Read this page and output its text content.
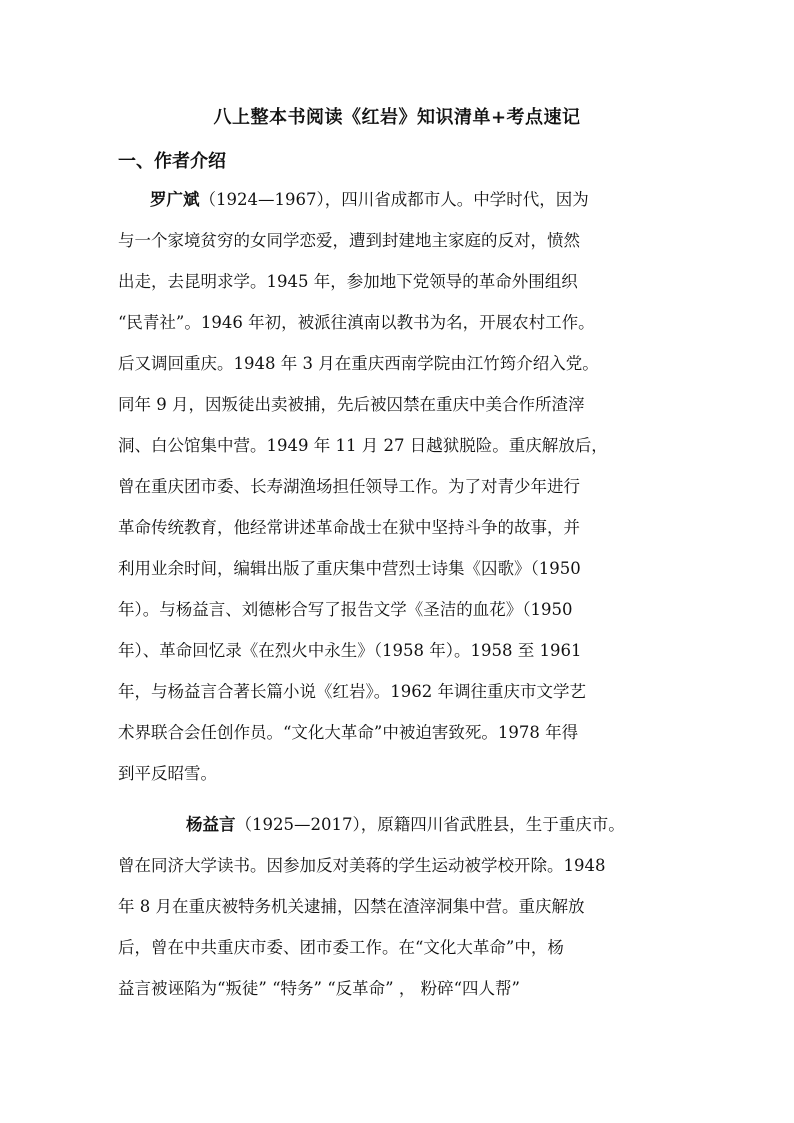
八上整本书阅读《红岩》知识清单+考点速记
一、作者介绍
罗广斌（1924—1967），四川省成都市人。中学时代，因为
与一个家境贫穷的女同学恋爱，遭到封建地主家庭的反对，愤然
出走，去昆明求学。1945 年，参加地下党领导的革命外围组织
“民青社”。1946 年初，被派往滇南以教书为名，开展农村工作。
后又调回重庆。1948 年 3 月在重庆西南学院由江竹筠介绍入党。
同年 9 月，因叛徒出卖被捕，先后被囚禁在重庆中美合作所渣滓
洞、白公馆集中营。1949 年 11 月 27 日越狱脱险。重庆解放后，
曾在重庆团市委、长寿湖渔场担任领导工作。为了对青少年进行
革命传统教育，他经常讲述革命战士在狱中坚持斗争的故事，并
利用业余时间，编辑出版了重庆集中营烈士诗集《囚歌》（1950
年）。与杨益言、刘德彬合写了报告文学《圣洁的血花》（1950
年）、革命回忆录《在烈火中永生》（1958 年）。1958 至 1961
年，与杨益言合著长篇小说《红岩》。1962 年调往重庆市文学艺
术界联合会任创作员。“文化大革命”中被迫害致死。1978 年得
到平反昭雪。
杨益言（1925—2017），原籍四川省武胜县，生于重庆市。
曾在同济大学读书。因参加反对美蒋的学生运动被学校开除。1948
年 8 月在重庆被特务机关逮捕，囚禁在渣滓洞集中营。重庆解放
后，曾在中共重庆市委、团市委工作。在“文化大革命”中，杨
益言被诬陷为“叛徒” “特务” “反革命” ， 粉碎“四人帮”
